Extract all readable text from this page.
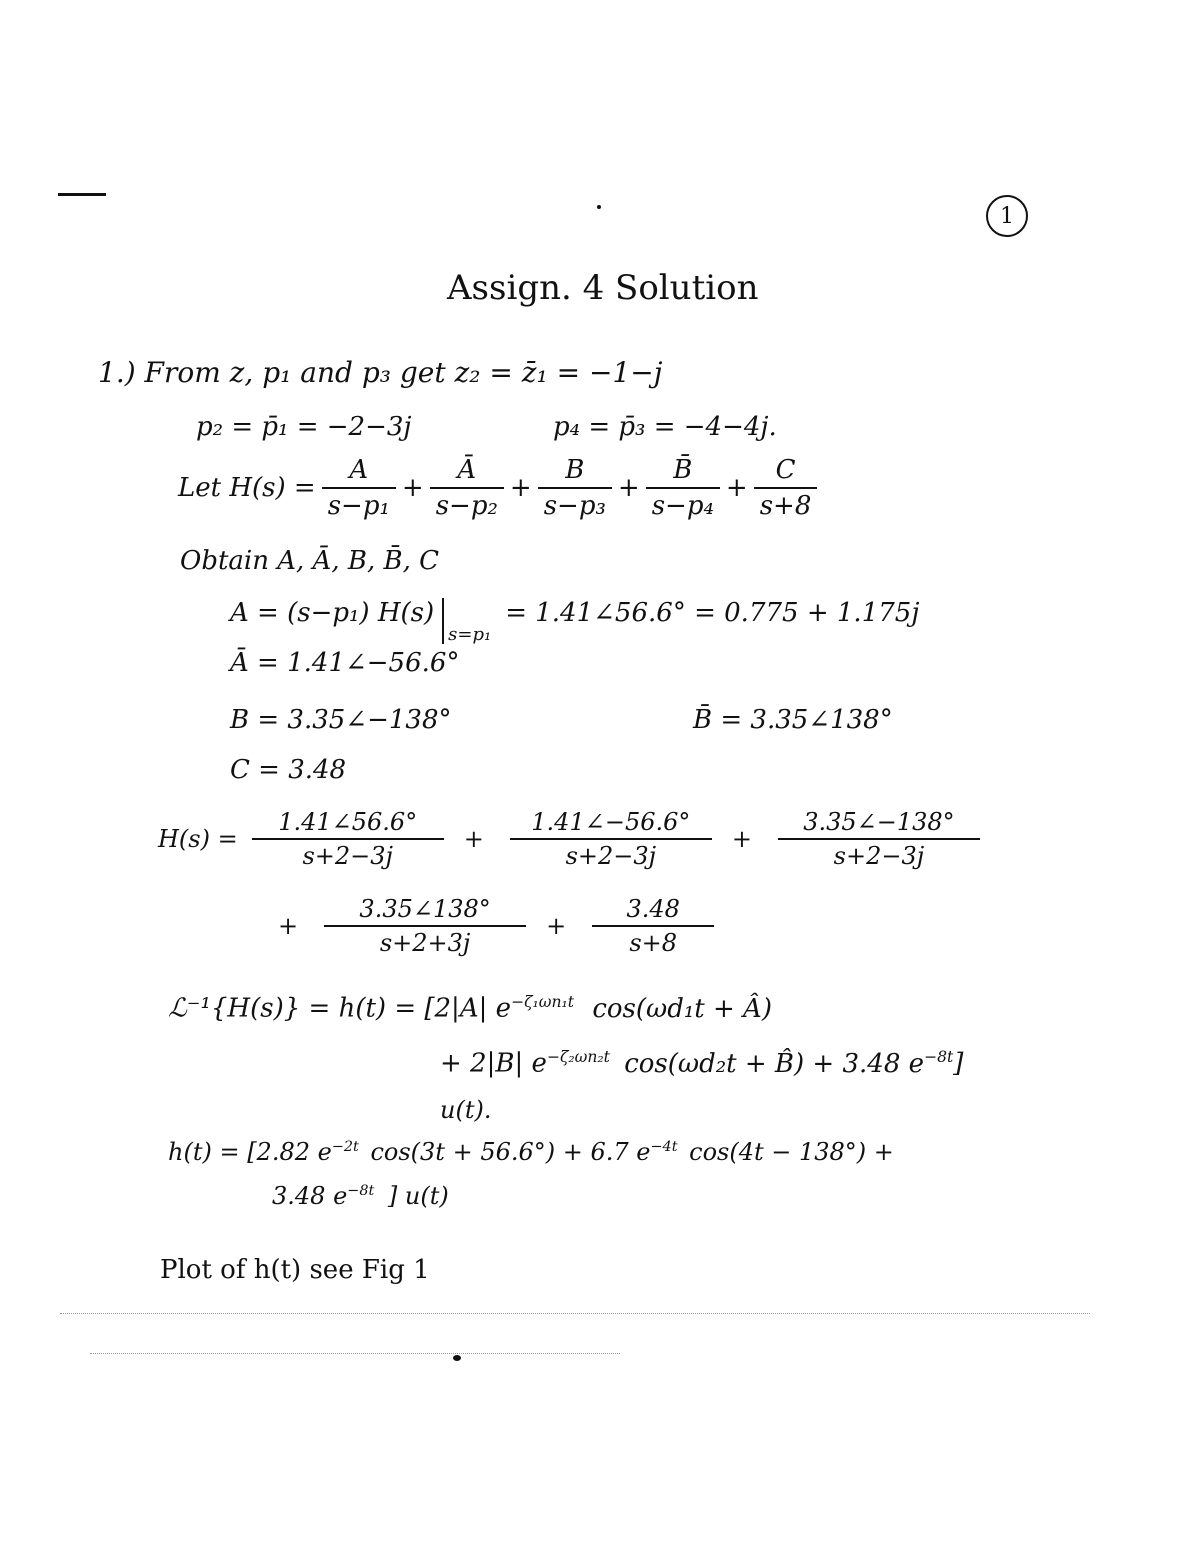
1
Assign. 4 Solution
1.) From z, p₁ and p₃ get z₂ = z̄₁ = −1−j
p₂ = p̄₁ = −2−3j	p₄ = p̄₃ = −4−4j.
Let $H(s) = \frac{A}{\text{s−p₁}} + \frac{Ā}{\text{s−p₂}} + \frac{B}{\text{s−p₃}} + \frac{B̄}{\text{s−p₄}} + \frac{C}{s+8}$
Obtain A, Ā, B, B̄, C
A = (s−p₁) H(s)
s=p₁
= 1.41∠56.6° = 0.775 + 1.175j
Ā = 1.41∠−56.6°
B = 3.35∠−138°	B̄ = 3.35∠138°
C = 3.48
$H(s) = \frac{1.41\angle 56.6^\circ}{s+2-3j} + \frac{1.41\angle-56.6^\circ}{s+2-3j} + \frac{3.35\angle-138^\circ}{s+2-3j}$
+ $\frac{3.35\angle 138^\circ}{s+2+3j} + \frac{3.48}{s+8}$
ℒ⁻¹{H(s)} = h(t) = [2|A| $e^{-\zeta_1\omega n_1t}$ cos(ωd₁t + Â)
+ 2|B| $e^{-\zeta_2\omega n_2t}$ cos(ωd₂t + B̂) + 3.48 $e^{-8t}$]
u(t).
h(t) = [2.82 $e^{-2t}$ cos(3t + 56.6°) + 6.7 $e^{-4t}$ cos(4t − 138°) +
3.48 $e^{-8t}$ ] u(t)
Plot of h(t) see Fig 1
